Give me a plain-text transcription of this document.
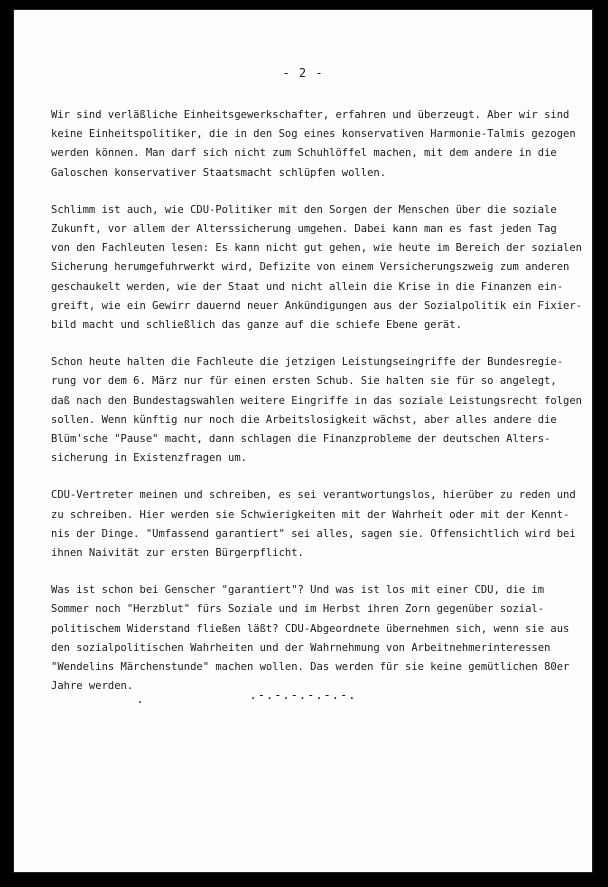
- 2 -
Wir sind verläßliche Einheitsgewerkschafter, erfahren und überzeugt. Aber wir sind
keine Einheitspolitiker, die in den Sog eines konservativen Harmonie-Talmis gezogen
werden können. Man darf sich nicht zum Schuhlöffel machen, mit dem andere in die
Galoschen konservativer Staatsmacht schlüpfen wollen.
Schlimm ist auch, wie CDU-Politiker mit den Sorgen der Menschen über die soziale
Zukunft, vor allem der Alterssicherung umgehen. Dabei kann man es fast jeden Tag
von den Fachleuten lesen: Es kann nicht gut gehen, wie heute im Bereich der sozialen
Sicherung herumgefuhrwerkt wird, Defizite von einem Versicherungszweig zum anderen
geschaukelt werden, wie der Staat und nicht allein die Krise in die Finanzen ein-
greift, wie ein Gewirr dauernd neuer Ankündigungen aus der Sozialpolitik ein Fixier-
bild macht und schließlich das ganze auf die schiefe Ebene gerät.
Schon heute halten die Fachleute die jetzigen Leistungseingriffe der Bundesregie-
rung vor dem 6. März nur für einen ersten Schub. Sie halten sie für so angelegt,
daß nach den Bundestagswahlen weitere Eingriffe in das soziale Leistungsrecht folgen
sollen. Wenn künftig nur noch die Arbeitslosigkeit wächst, aber alles andere die
Blüm'sche "Pause" macht, dann schlagen die Finanzprobleme der deutschen Alters-
sicherung in Existenzfragen um.
CDU-Vertreter meinen und schreiben, es sei verantwortungslos, hierüber zu reden und
zu schreiben. Hier werden sie Schwierigkeiten mit der Wahrheit oder mit der Kennt-
nis der Dinge. "Umfassend garantiert" sei alles, sagen sie. Offensichtlich wird bei
ihnen Naivität zur ersten Bürgerpflicht.
Was ist schon bei Genscher "garantiert"? Und was ist los mit einer CDU, die im
Sommer noch "Herzblut" fürs Soziale und im Herbst ihren Zorn gegenüber sozial-
politischem Widerstand fließen läßt? CDU-Abgeordnete übernehmen sich, wenn sie aus
den sozialpolitischen Wahrheiten und der Wahrnehmung von Arbeitnehmerinteressen
"Wendelins Märchenstunde" machen wollen. Das werden für sie keine gemütlichen 80er
Jahre werden.
.-.-.-.-.-.-.
